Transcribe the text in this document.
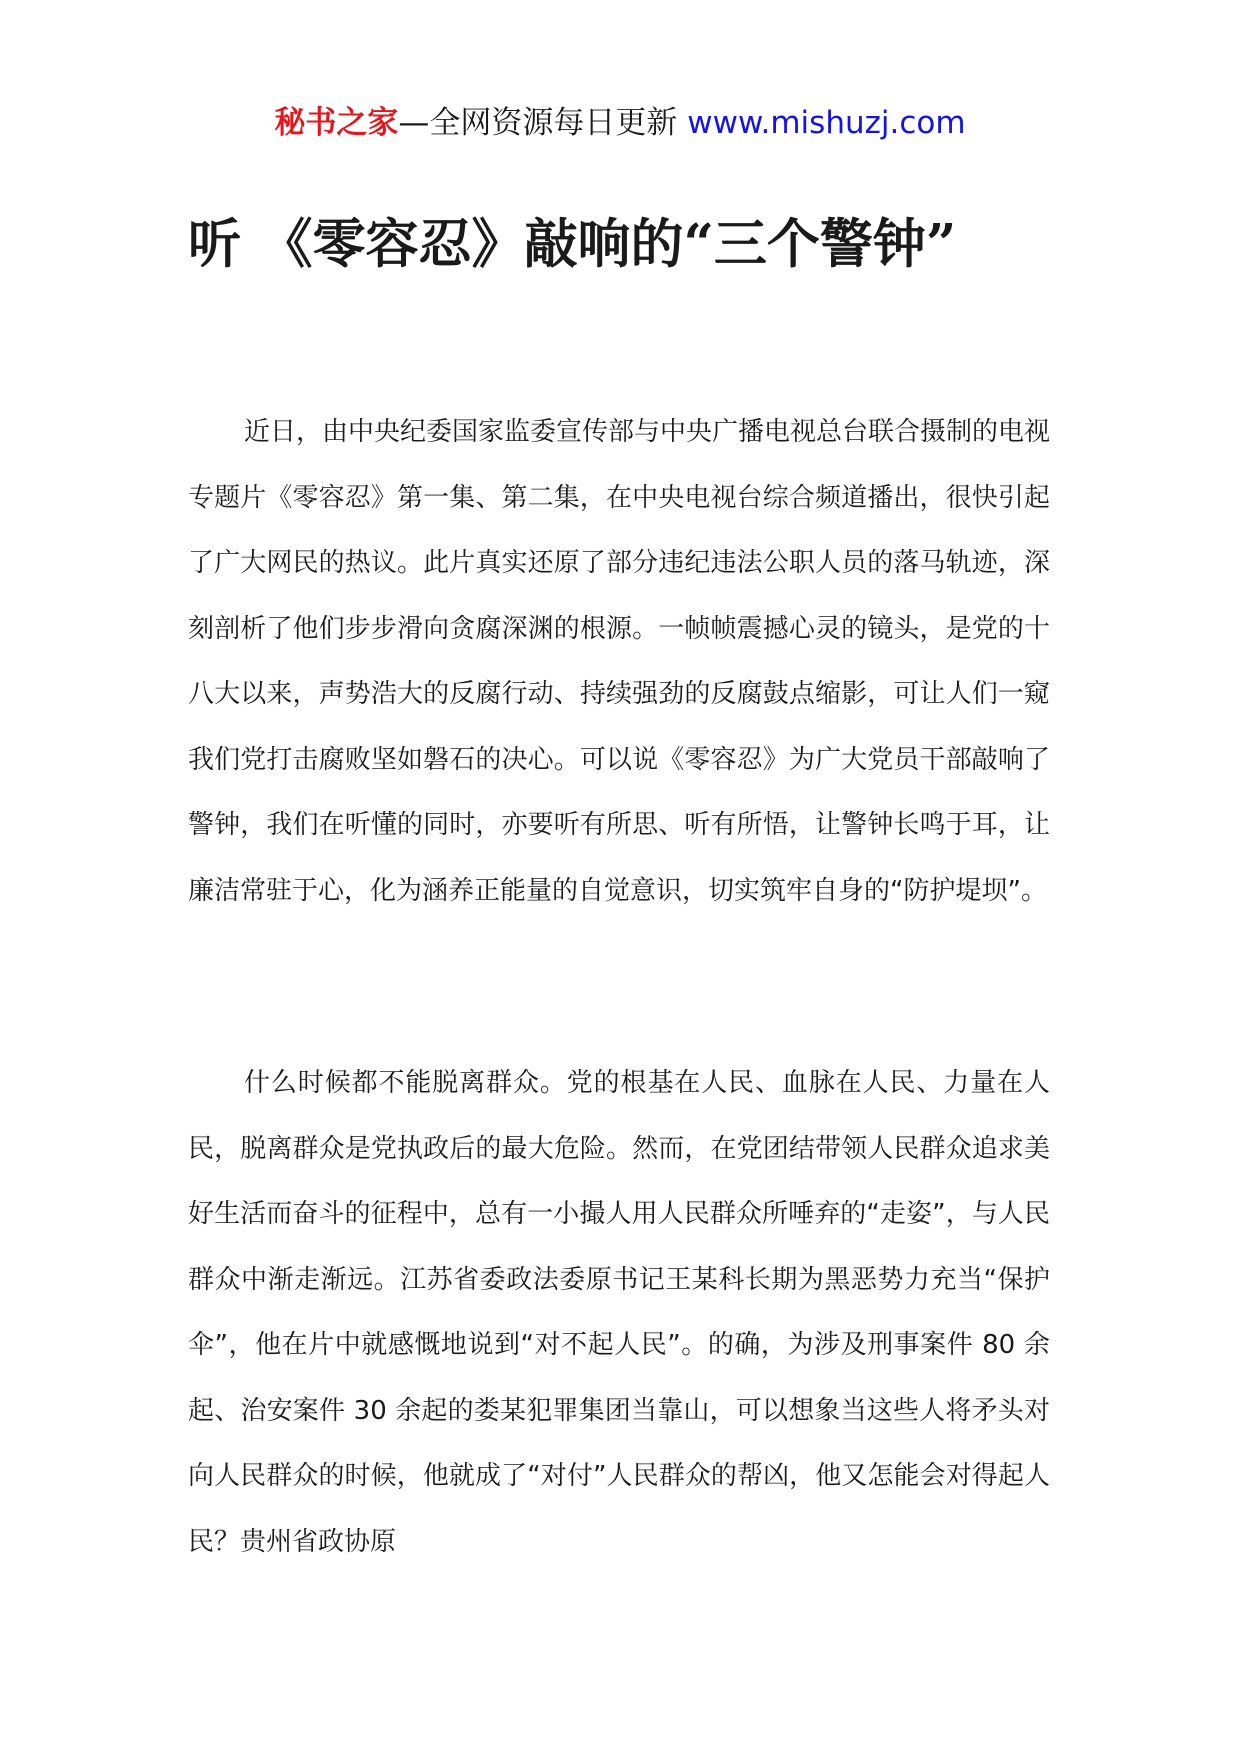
秘书之家—全网资源每日更新 www.mishuzj.com
听 《零容忍》敲响的“三个警钟”

近日，由中央纪委国家监委宣传部与中央广播电视总台联合摄制的电视专题片《零容忍》第一集、第二集，在中央电视台综合频道播出，很快引起了广大网民的热议。此片真实还原了部分违纪违法公职人员的落马轨迹，深刻剖析了他们步步滑向贪腐深渊的根源。一帧帧震撼心灵的镜头，是党的十八大以来，声势浩大的反腐行动、持续强劲的反腐鼓点缩影，可让人们一窥我们党打击腐败坚如磐石的决心。可以说《零容忍》为广大党员干部敲响了警钟，我们在听懂的同时，亦要听有所思、听有所悟，让警钟长鸣于耳，让廉洁常驻于心，化为涵养正能量的自觉意识，切实筑牢自身的“防护堤坝”。

什么时候都不能脱离群众。党的根基在人民、血脉在人民、力量在人民，脱离群众是党执政后的最大危险。然而，在党团结带领人民群众追求美好生活而奋斗的征程中，总有一小撮人用人民群众所唾弃的“走姿”，与人民群众中渐走渐远。江苏省委政法委原书记王某科长期为黑恶势力充当“保护伞”，他在片中就感慨地说到“对不起人民”。的确，为涉及刑事案件 80 余起、治安案件 30 余起的娄某犯罪集团当靠山，可以想象当这些人将矛头对向人民群众的时候，他就成了“对付”人民群众的帮凶，他又怎能会对得起人民？贵州省政协原
